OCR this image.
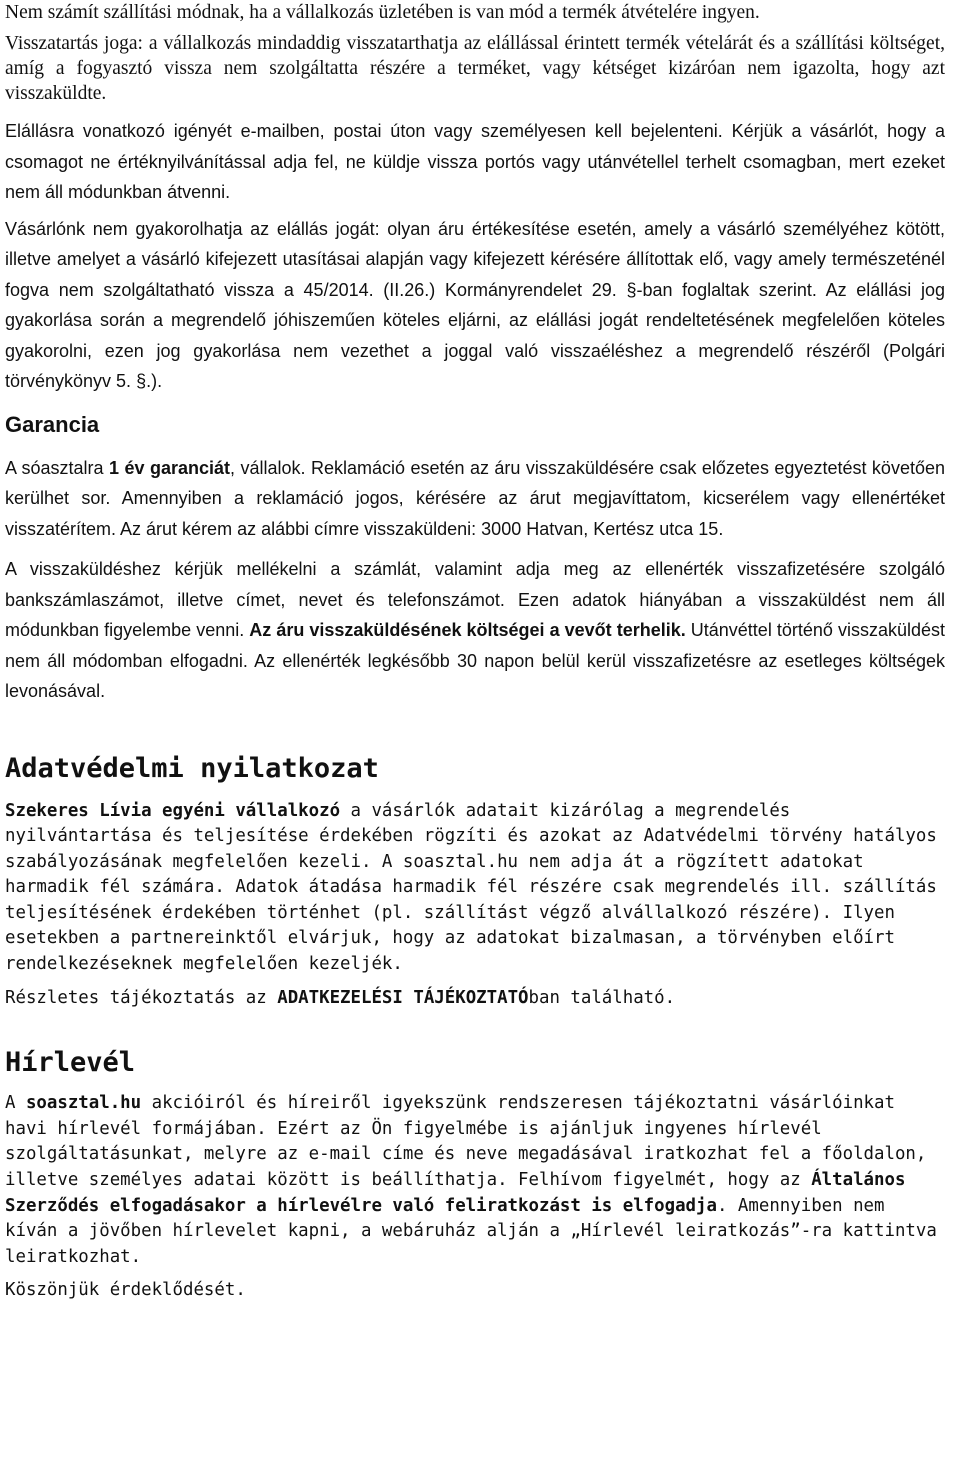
Nem számít szállítási módnak, ha a vállalkozás üzletében is van mód a termék átvételére ingyen.

Visszatartás joga: a vállalkozás mindaddig visszatarthatja az elállással érintett termék vételárát és a szállítási költséget, amíg a fogyasztó vissza nem szolgáltatta részére a terméket, vagy kétséget kizáróan nem igazolta, hogy azt visszaküldte.

Elállásra vonatkozó igényét e-mailben, postai úton vagy személyesen kell bejelenteni. Kérjük a vásárlót, hogy a csomagot ne értéknyilvánítással adja fel, ne küldje vissza portós vagy utánvétellel terhelt csomagban, mert ezeket nem áll módunkban átvenni.

Vásárlónk nem gyakorolhatja az elállás jogát: olyan áru értékesítése esetén, amely a vásárló személyéhez kötött, illetve amelyet a vásárló kifejezett utasításai alapján vagy kifejezett kérésére állítottak elő, vagy amely természeténél fogva nem szolgáltatható vissza a 45/2014. (II.26.) Kormányrendelet 29. §-ban foglaltak szerint. Az elállási jog gyakorlása során a megrendelő jóhiszeműen köteles eljárni, az elállási jogát rendeltetésének megfelelően köteles gyakorolni, ezen jog gyakorlása nem vezethet a joggal való visszaéléshez a megrendelő részéről (Polgári törvénykönyv 5. §.).

Garancia

A sóasztalra 1 év garanciát, vállalok. Reklamáció esetén az áru visszaküldésére csak előzetes egyeztetést követően kerülhet sor. Amennyiben a reklamáció jogos, kérésére az árut megjavíttatom, kicserélem vagy ellenértéket visszatérítem. Az árut kérem az alábbi címre visszaküldeni: 3000 Hatvan, Kertész utca 15.

A visszaküldéshez kérjük mellékelni a számlát, valamint adja meg az ellenérték visszafizetésére szolgáló bankszámlaszámot, illetve címet, nevet és telefonszámot. Ezen adatok hiányában a visszaküldést nem áll módunkban figyelembe venni. Az áru visszaküldésének költségei a vevőt terhelik. Utánvéttel történő visszaküldést nem áll módomban elfogadni. Az ellenérték legkésőbb 30 napon belül kerül visszafizetésre az esetleges költségek levonásával.

Adatvédelmi nyilatkozat

Szekeres Lívia egyéni vállalkozó a vásárlók adatait kizárólag a megrendelés nyilvántartása és teljesítése érdekében rögzíti és azokat az Adatvédelmi törvény hatályos szabályozásának megfelelően kezeli. A soasztal.hu nem adja át a rögzített adatokat harmadik fél számára. Adatok átadása harmadik fél részére csak megrendelés ill. szállítás teljesítésének érdekében történhet (pl. szállítást végző alvállalkozó részére). Ilyen esetekben a partnereinktől elvárjuk, hogy az adatokat bizalmasan, a törvényben előírt rendelkezéseknek megfelelően kezeljék.

Részletes tájékoztatás az ADATKEZELÉSI TÁJÉKOZTATÓban található.

Hírlevél

A soasztal.hu akcióiról és híreiről igyekszünk rendszeresen tájékoztatni vásárlóinkat havi hírlevél formájában. Ezért az Ön figyelmébe is ajánljuk ingyenes hírlevél szolgáltatásunkat, melyre az e-mail címe és neve megadásával iratkozhat fel a főoldalon, illetve személyes adatai között is beállíthatja. Felhívom figyelmét, hogy az Általános Szerződés elfogadásakor a hírlevélre való feliratkozást is elfogadja. Amennyiben nem kíván a jövőben hírlevelet kapni, a webáruház alján a „Hírlevél leiratkozás”-ra kattintva leiratkozhat.

Köszönjük érdeklődését.
